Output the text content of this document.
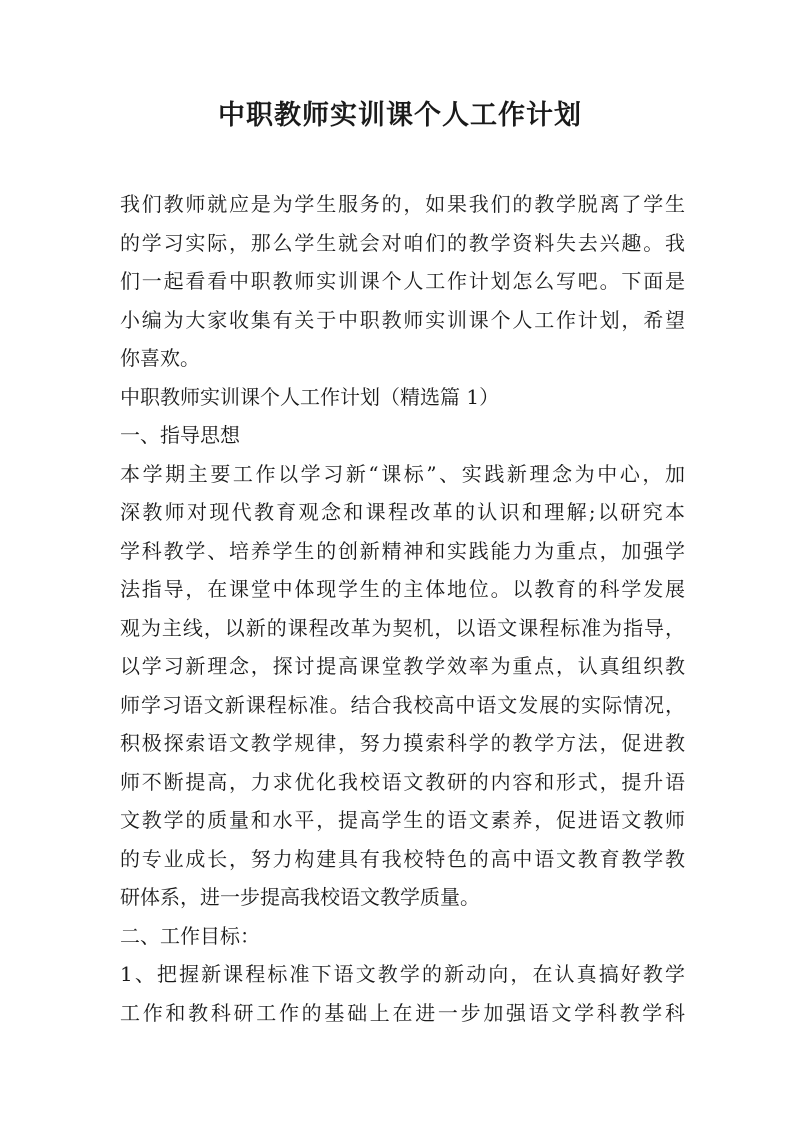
中职教师实训课个人工作计划
我们教师就应是为学生服务的，如果我们的教学脱离了学生
的学习实际，那么学生就会对咱们的教学资料失去兴趣。我
们一起看看中职教师实训课个人工作计划怎么写吧。下面是
小编为大家收集有关于中职教师实训课个人工作计划，希望
你喜欢。
中职教师实训课个人工作计划（精选篇 1）
一、指导思想
本学期主要工作以学习新“课标”、实践新理念为中心，加
深教师对现代教育观念和课程改革的认识和理解;以研究本
学科教学、培养学生的创新精神和实践能力为重点，加强学
法指导，在课堂中体现学生的主体地位。以教育的科学发展
观为主线，以新的课程改革为契机，以语文课程标准为指导，
以学习新理念，探讨提高课堂教学效率为重点，认真组织教
师学习语文新课程标准。结合我校高中语文发展的实际情况，
积极探索语文教学规律，努力摸索科学的教学方法，促进教
师不断提高，力求优化我校语文教研的内容和形式，提升语
文教学的质量和水平，提高学生的语文素养，促进语文教师
的专业成长，努力构建具有我校特色的高中语文教育教学教
研体系，进一步提高我校语文教学质量。
二、工作目标：
1、把握新课程标准下语文教学的新动向，在认真搞好教学
工作和教科研工作的基础上在进一步加强语文学科教学科
